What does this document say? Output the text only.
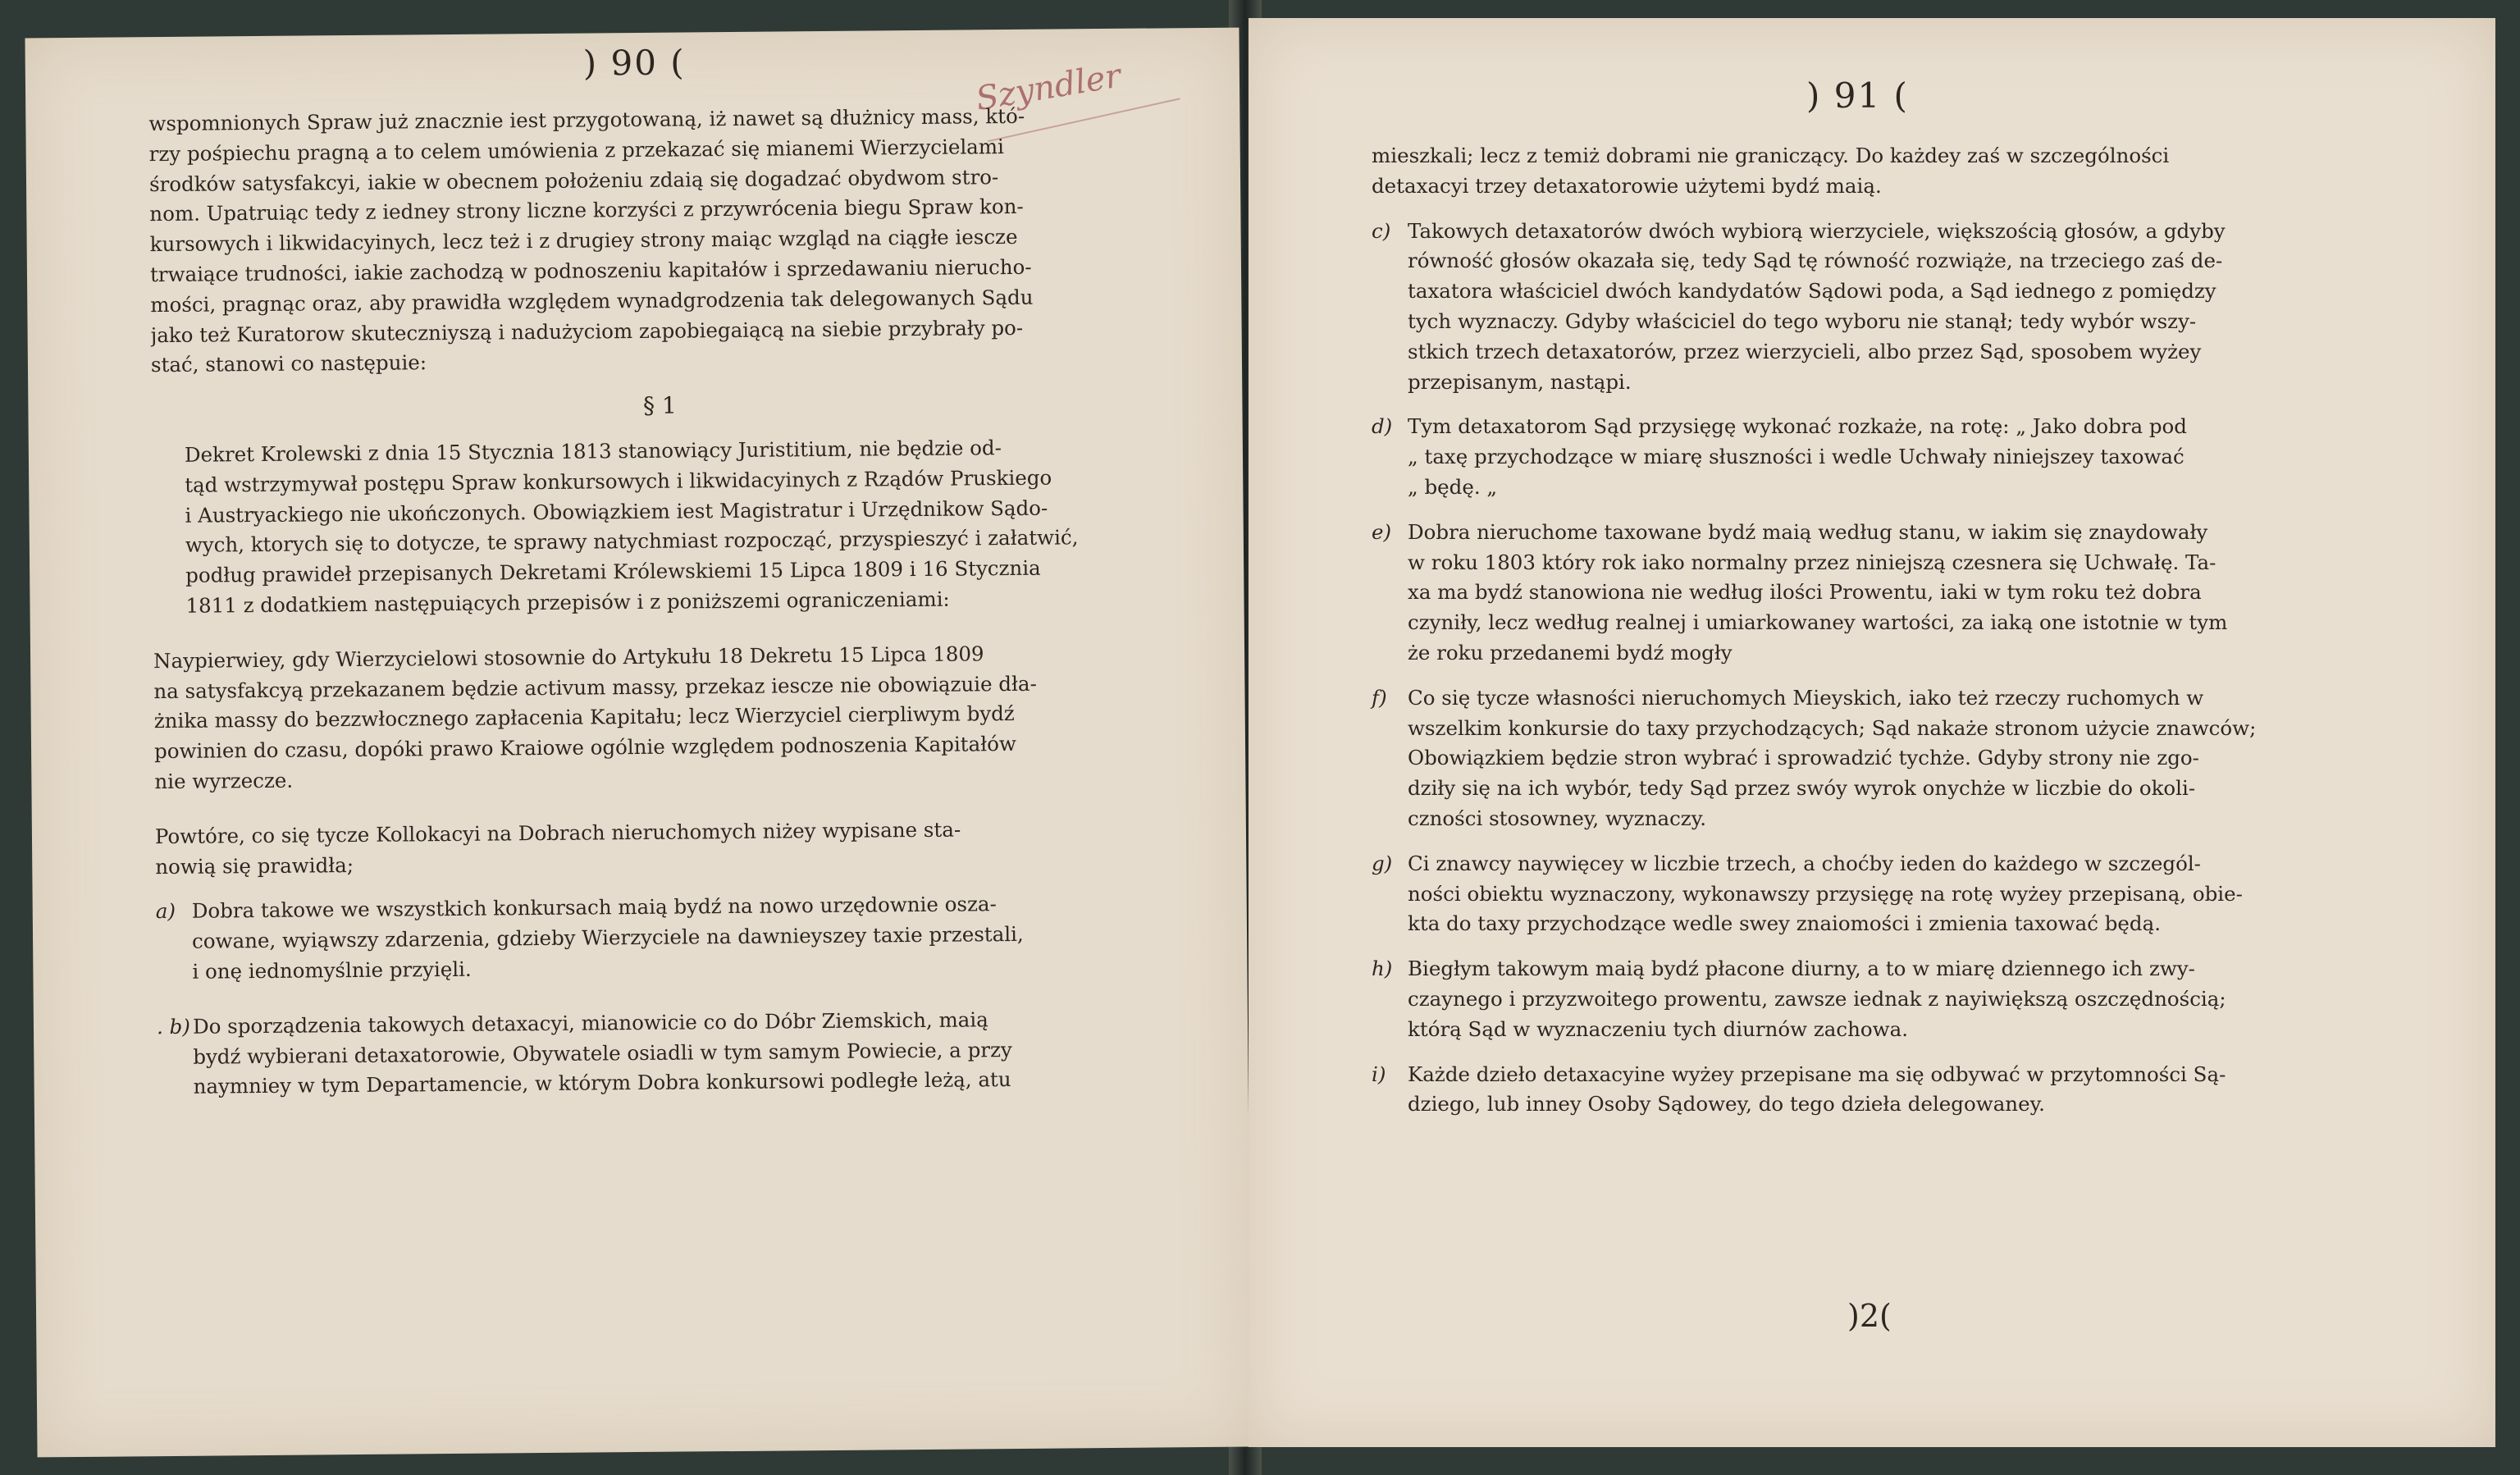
) 90 (	Szyndler
wspomnionych Spraw już znacznie iest przygotowaną, iż nawet są dłużnicy mass, któ-
rzy pośpiechu pragną a to celem umówienia z przekazać się mianemi Wierzycielami
środków satysfakcyi, iakie w obecnem położeniu zdaią się dogadzać obydwom stro-
nom. Upatruiąc tedy z iedney strony liczne korzyści z przywrócenia biegu Spraw kon-
kursowych i likwidacyinych, lecz też i z drugiey strony maiąc wzgląd na ciągłe iescze
trwaiące trudności, iakie zachodzą w podnoszeniu kapitałów i sprzedawaniu nierucho-
mości, pragnąc oraz, aby prawidła względem wynadgrodzenia tak delegowanych Sądu
jako też Kuratorow skuteczniyszą i nadużyciom zapobiegaiącą na siebie przybrały po-
stać, stanowi co następuie:
§ 1
Dekret Krolewski z dnia 15 Stycznia 1813 stanowiący Juristitium, nie będzie od-
tąd wstrzymywał postępu Spraw konkursowych i likwidacyinych z Rządów Pruskiego
i Austryackiego nie ukończonych. Obowiązkiem iest Magistratur i Urzędnikow Sądo-
wych, ktorych się to dotycze, te sprawy natychmiast rozpocząć, przyspieszyć i załatwić,
podług prawideł przepisanych Dekretami Królewskiemi 15 Lipca 1809 i 16 Stycznia
1811 z dodatkiem następuiących przepisów i z poniższemi ograniczeniami:
Naypierwiey, gdy Wierzycielowi stosownie do Artykułu 18 Dekretu 15 Lipca 1809
na satysfakcyą przekazanem będzie activum massy, przekaz iescze nie obowiązuie dła-
żnika massy do bezzwłocznego zapłacenia Kapitału; lecz Wierzyciel cierpliwym bydź
powinien do czasu, dopóki prawo Kraiowe ogólnie względem podnoszenia Kapitałów
nie wyrzecze.
Powtóre, co się tycze Kollokacyi na Dobrach nieruchomych niżey wypisane sta-
nowią się prawidła;
a) Dobra takowe we wszystkich konkursach maią bydź na nowo urzędownie osza-
cowane, wyiąwszy zdarzenia, gdzieby Wierzyciele na dawnieyszey taxie przestali,
i onę iednomyślnie przyięli.
. b) Do sporządzenia takowych detaxacyi, mianowicie co do Dóbr Ziemskich, maią
bydź wybierani detaxatorowie, Obywatele osiadli w tym samym Powiecie, a przy
naymniey w tym Departamencie, w którym Dobra konkursowi podległe leżą, atu
) 91 (
mieszkali; lecz z temiż dobrami nie graniczący. Do każdey zaś w szczególności
detaxacyi trzey detaxatorowie użytemi bydź maią.
c) Takowych detaxatorów dwóch wybiorą wierzyciele, większością głosów, a gdyby
równość głosów okazała się, tedy Sąd tę równość rozwiąże, na trzeciego zaś de-
taxatora właściciel dwóch kandydatów Sądowi poda, a Sąd iednego z pomiędzy
tych wyznaczy. Gdyby właściciel do tego wyboru nie stanął; tedy wybór wszy-
stkich trzech detaxatorów, przez wierzycieli, albo przez Sąd, sposobem wyżey
przepisanym, nastąpi.
d) Tym detaxatorom Sąd przysięgę wykonać rozkaże, na rotę: „ Jako dobra pod
„ taxę przychodzące w miarę słuszności i wedle Uchwały niniejszey taxować
„ będę. „
e) Dobra nieruchome taxowane bydź maią według stanu, w iakim się znaydowały
w roku 1803 który rok iako normalny przez niniejszą czesnera się Uchwałę. Ta-
xa ma bydź stanowiona nie według ilości Prowentu, iaki w tym roku też dobra
czyniły, lecz według realnej i umiarkowaney wartości, za iaką one istotnie w tym
że roku przedanemi bydź mogły
f)	Co się tycze własności nieruchomych Mieyskich, iako też rzeczy ruchomych w
wszelkim konkursie do taxy przychodzących; Sąd nakaże stronom użycie znawców;
Obowiązkiem będzie stron wybrać i sprowadzić tychże. Gdyby strony nie zgo-
dziły się na ich wybór, tedy Sąd przez swóy wyrok onychże w liczbie do okoli-
czności stosowney, wyznaczy.
g) Ci znawcy naywięcey w liczbie trzech, a choćby ieden do każdego w szczegól-
ności obiektu wyznaczony, wykonawszy przysięgę na rotę wyżey przepisaną, obie-
kta do taxy przychodzące wedle swey znaiomości i zmienia taxować będą.
h) Biegłym takowym maią bydź płacone diurny, a to w miarę dziennego ich zwy-
czaynego i przyzwoitego prowentu, zawsze iednak z nayiwiększą oszczędnością;
którą Sąd w wyznaczeniu tych diurnów zachowa.
i)	Każde dzieło detaxacyine wyżey przepisane ma się odbywać w przytomności Są-
dziego, lub inney Osoby Sądowey, do tego dzieła delegowaney.
)2(
